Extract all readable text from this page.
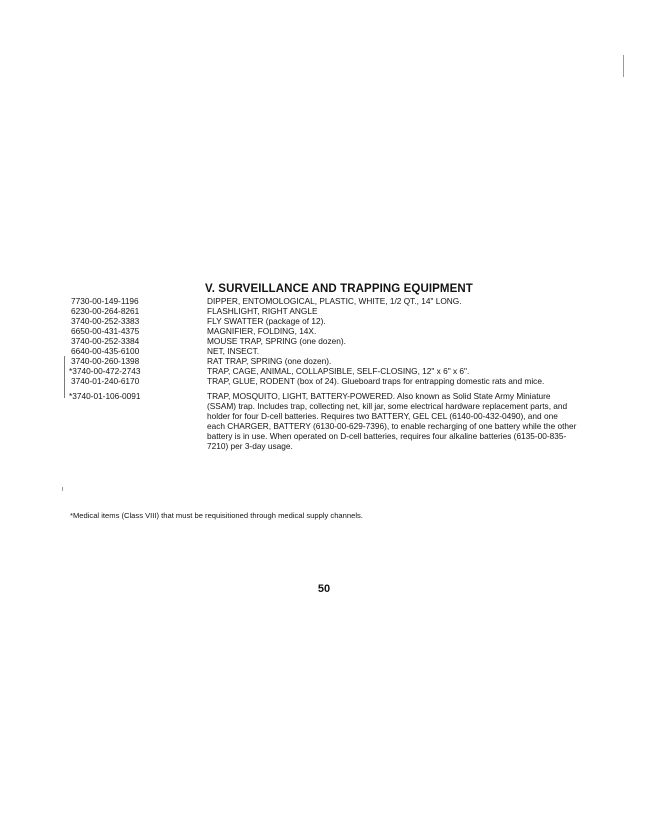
V. SURVEILLANCE AND TRAPPING EQUIPMENT
7730-00-149-1196	DIPPER, ENTOMOLOGICAL, PLASTIC, WHITE, 1/2 QT., 14" LONG.
6230-00-264-8261	FLASHLIGHT, RIGHT ANGLE
3740-00-252-3383	FLY SWATTER (package of 12).
6650-00-431-4375	MAGNIFIER, FOLDING, 14X.
3740-00-252-3384	MOUSE TRAP, SPRING (one dozen).
6640-00-435-6100	NET, INSECT.
3740-00-260-1398	RAT TRAP, SPRING (one dozen).
*3740-00-472-2743	TRAP, CAGE, ANIMAL, COLLAPSIBLE, SELF-CLOSING, 12" x 6" x 6".
3740-01-240-6170	TRAP, GLUE, RODENT (box of 24). Glueboard traps for entrapping domestic rats and mice.
*3740-01-106-0091	TRAP, MOSQUITO, LIGHT, BATTERY-POWERED. Also known as Solid State Army Miniature (SSAM) trap. Includes trap, collecting net, kill jar, some electrical hardware replacement parts, and holder for four D-cell batteries. Requires two BATTERY, GEL CEL (6140-00-432-0490), and one each CHARGER, BATTERY (6130-00-629-7396), to enable recharging of one battery while the other battery is in use. When operated on D-cell batteries, requires four alkaline batteries (6135-00-835-7210) per 3-day usage.
*Medical items (Class VIII) that must be requisitioned through medical supply channels.
50
